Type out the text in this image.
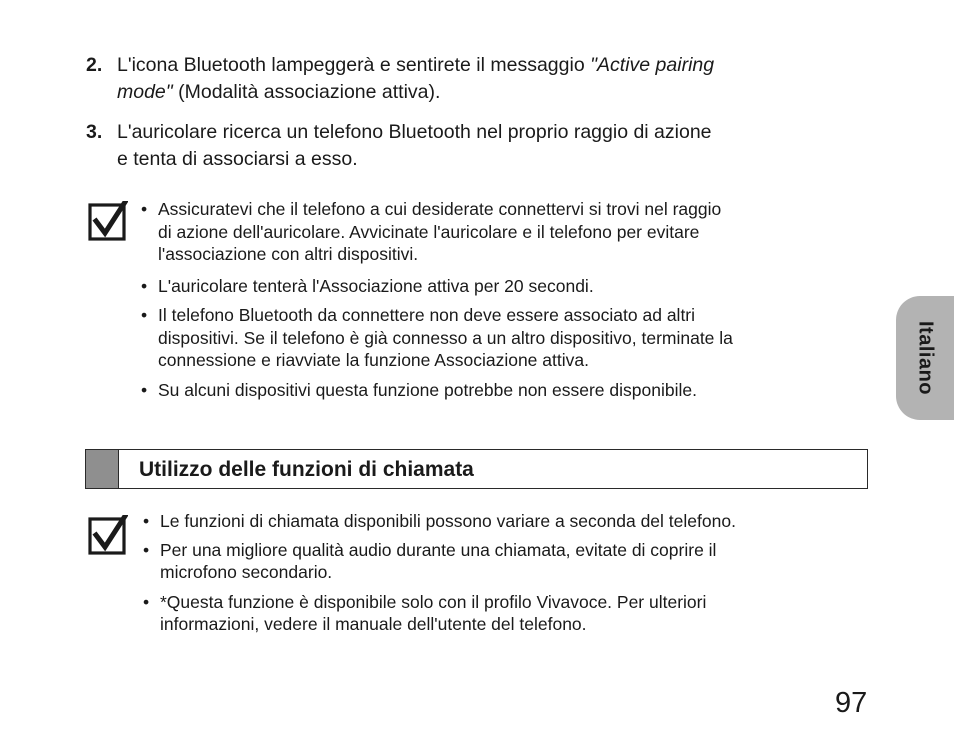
2. L'icona Bluetooth lampeggerà e sentirete il messaggio "Active pairing
mode" (Modalità associazione attiva).
3. L'auricolare ricerca un telefono Bluetooth nel proprio raggio di azione
e tenta di associarsi a esso.
• Assicuratevi che il telefono a cui desiderate connettervi si trovi nel raggio
di azione dell'auricolare. Avvicinate l'auricolare e il telefono per evitare
l'associazione con altri dispositivi.
• L'auricolare tenterà l'Associazione attiva per 20 secondi.
• Il telefono Bluetooth da connettere non deve essere associato ad altri
dispositivi. Se il telefono è già connesso a un altro dispositivo, terminate la
connessione e riavviate la funzione Associazione attiva.
• Su alcuni dispositivi questa funzione potrebbe non essere disponibile.
Utilizzo delle funzioni di chiamata
• Le funzioni di chiamata disponibili possono variare a seconda del telefono.
• Per una migliore qualità audio durante una chiamata, evitate di coprire il
microfono secondario.
• *Questa funzione è disponibile solo con il profilo Vivavoce. Per ulteriori
informazioni, vedere il manuale dell'utente del telefono.
Italiano
97
